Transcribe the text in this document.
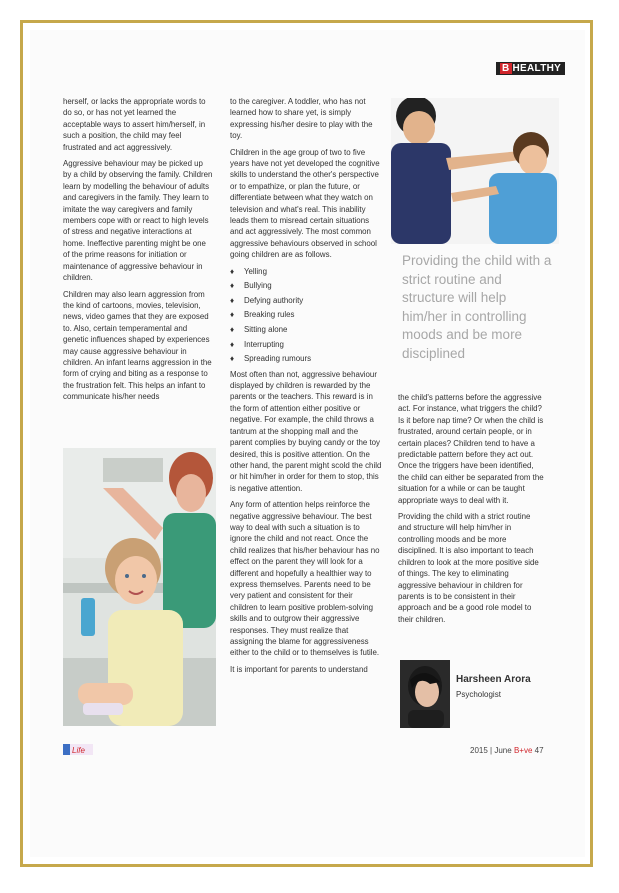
B HEALTHY

herself, or lacks the appropriate words to do so, or has not yet learned the acceptable ways to assert him/herself, in such a position, the child may feel frustrated and act aggressively.

Aggressive behaviour may be picked up by a child by observing the family. Children learn by modelling the behaviour of adults and caregivers in the family. They learn to imitate the way caregivers and family members cope with or react to high levels of stress and negative interactions at home. Ineffective parenting might be one of the prime reasons for initiation or maintenance of aggressive behaviour in children.

Children may also learn aggression from the kind of cartoons, movies, television, news, video games that they are exposed to. Also, certain temperamental and genetic influences shaped by experiences may cause aggressive behaviour in children. An infant learns aggression in the form of crying and biting as a response to the frustration felt. This helps an infant to communicate his/her needs

to the caregiver. A toddler, who has not learned how to share yet, is simply expressing his/her desire to play with the toy.

Children in the age group of two to five years have not yet developed the cognitive skills to understand the other's perspective or to empathize, or plan the future, or differentiate between what they watch on television and what's real. This inability leads them to misread certain situations and act aggressively. The most common aggressive behaviours observed in school going children are as follows.

♦ Yelling
♦ Bullying
♦ Defying authority
♦ Breaking rules
♦ Sitting alone
♦ Interrupting
♦ Spreading rumours

Most often than not, aggressive behaviour displayed by children is rewarded by the parents or the teachers. This reward is in the form of attention either positive or negative. For example, the child throws a tantrum at the shopping mall and the parent complies by buying candy or the toy desired, this is positive attention. On the other hand, the parent might scold the child or hit him/her in order for them to stop, this is negative attention.

Any form of attention helps reinforce the negative aggressive behaviour. The best way to deal with such a situation is to ignore the child and not react. Once the child realizes that his/her behaviour has no effect on the parent they will look for a different and hopefully a healthier way to express themselves. Parents need to be very patient and consistent for their children to learn positive problem-solving skills and to outgrow their aggressive responses. They must realize that assigning the blame for aggressiveness either to the child or to themselves is futile.

It is important for parents to understand

Providing the child with a strict routine and structure will help him/her in controlling moods and be more disciplined

the child's patterns before the aggressive act. For instance, what triggers the child? Is it before nap time? Or when the child is frustrated, around certain people, or in certain places? Children tend to have a predictable pattern before they act out. Once the triggers have been identified, the child can either be separated from the situation for a while or can be taught appropriate ways to deal with it.

Providing the child with a strict routine and structure will help him/her in controlling moods and be more disciplined. It is also important to teach children to look at the more positive side of things. The key to eliminating aggressive behaviour in children for parents is to be consistent in their approach and be a good role model to their children.

Harsheen Arora
Psychologist
Life	2015 | June B+ve 47
